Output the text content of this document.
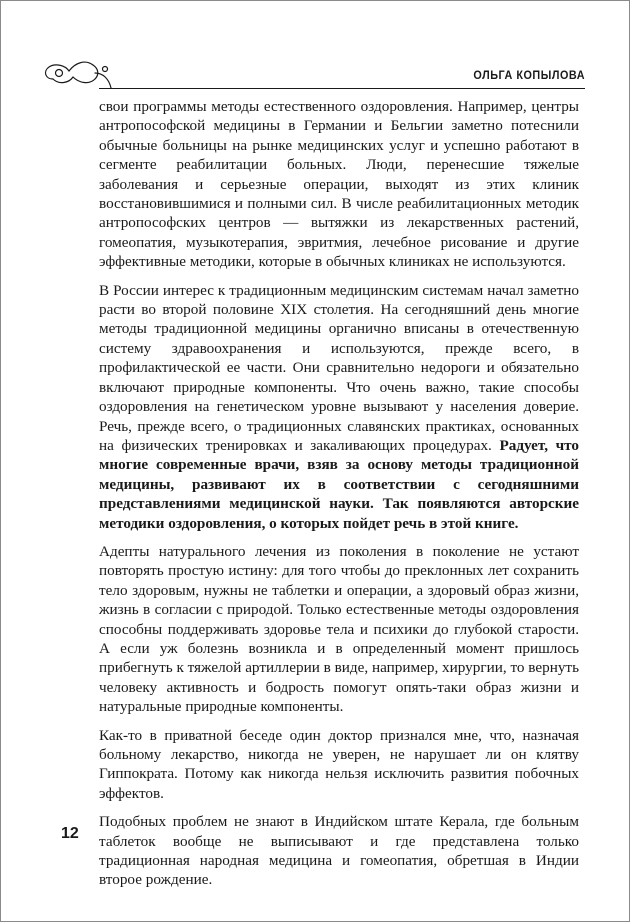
ОЛЬГА КОПЫЛОВА

свои программы методы естественного оздоровления. Например, центры антропософской медицины в Германии и Бельгии заметно потеснили обычные больницы на рынке медицинских услуг и успешно работают в сегменте реабилитации больных. Люди, перенесшие тяжелые заболевания и серьезные операции, выходят из этих клиник восстановившимися и полными сил. В числе реабилитационных методик антропософских центров — вытяжки из лекарственных растений, гомеопатия, музыкотерапия, эвритмия, лечебное рисование и другие эффективные методики, которые в обычных клиниках не используются.

В России интерес к традиционным медицинским системам начал заметно расти во второй половине XIX столетия. На сегодняшний день многие методы традиционной медицины органично вписаны в отечественную систему здравоохранения и используются, прежде всего, в профилактической ее части. Они сравнительно недороги и обязательно включают природные компоненты. Что очень важно, такие способы оздоровления на генетическом уровне вызывают у населения доверие. Речь, прежде всего, о традиционных славянских практиках, основанных на физических тренировках и закаливающих процедурах. Радует, что многие современные врачи, взяв за основу методы традиционной медицины, развивают их в соответствии с сегодняшними представлениями медицинской науки. Так появляются авторские методики оздоровления, о которых пойдет речь в этой книге.

Адепты натурального лечения из поколения в поколение не устают повторять простую истину: для того чтобы до преклонных лет сохранить тело здоровым, нужны не таблетки и операции, а здоровый образ жизни, жизнь в согласии с природой. Только естественные методы оздоровления способны поддерживать здоровье тела и психики до глубокой старости. А если уж болезнь возникла и в определенный момент пришлось прибегнуть к тяжелой артиллерии в виде, например, хирургии, то вернуть человеку активность и бодрость помогут опять-таки образ жизни и натуральные природные компоненты.

Как-то в приватной беседе один доктор признался мне, что, назначая больному лекарство, никогда не уверен, не нарушает ли он клятву Гиппократа. Потому как никогда нельзя исключить развития побочных эффектов.

Подобных проблем не знают в Индийском штате Керала, где больным таблеток вообще не выписывают и где представлена только традиционная народная медицина и гомеопатия, обретшая в Индии второе рождение.

12
